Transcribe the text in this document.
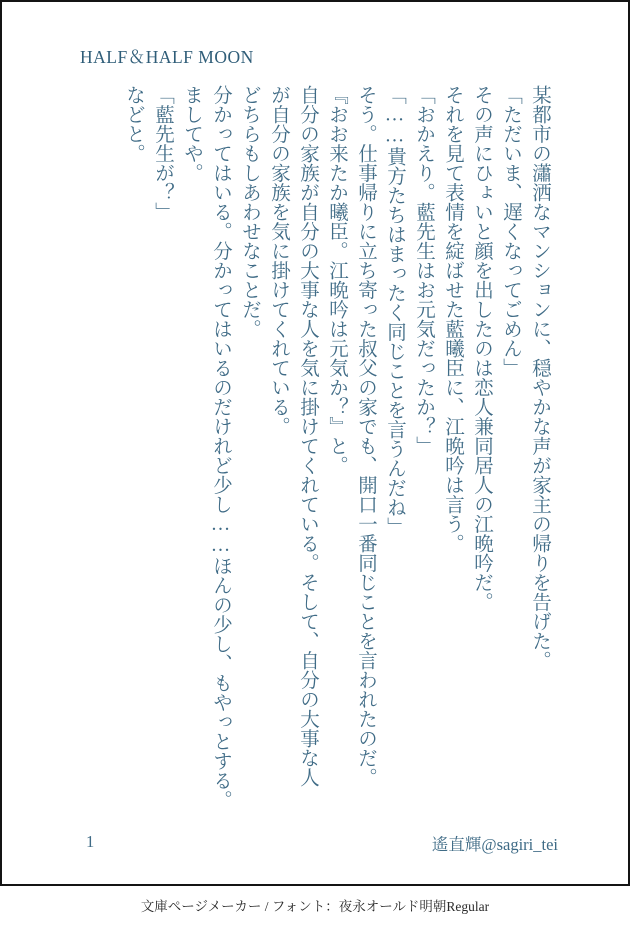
HALF＆HALF MOON

某都市の瀟洒なマンションに、穏やかな声が家主の帰りを告げた。

「ただいま、遅くなってごめん」

その声にひょいと顔を出したのは恋人兼同居人の江晩吟だ。

それを見て表情を綻ばせた藍曦臣に、江晩吟は言う。

「おかえり。藍先生はお元気だったか？」

「……貴方たちはまったく同じことを言うんだね」

そう。仕事帰りに立ち寄った叔父の家でも、開口一番同じことを言われたのだ。

『おお来たか曦臣。江晩吟は元気か？』と。

自分の家族が自分の大事な人を気に掛けてくれている。そして、自分の大事な人

が自分の家族を気に掛けてくれている。

どちらもしあわせなことだ。

分かってはいる。分かってはいるのだけれど少し……ほんの少し、もやっとする。

ましてや。

「藍先生が？」

などと。

1	遙直輝@sagiri_tei
文庫ページメーカー / フォント：夜永オールド明朝Regular
